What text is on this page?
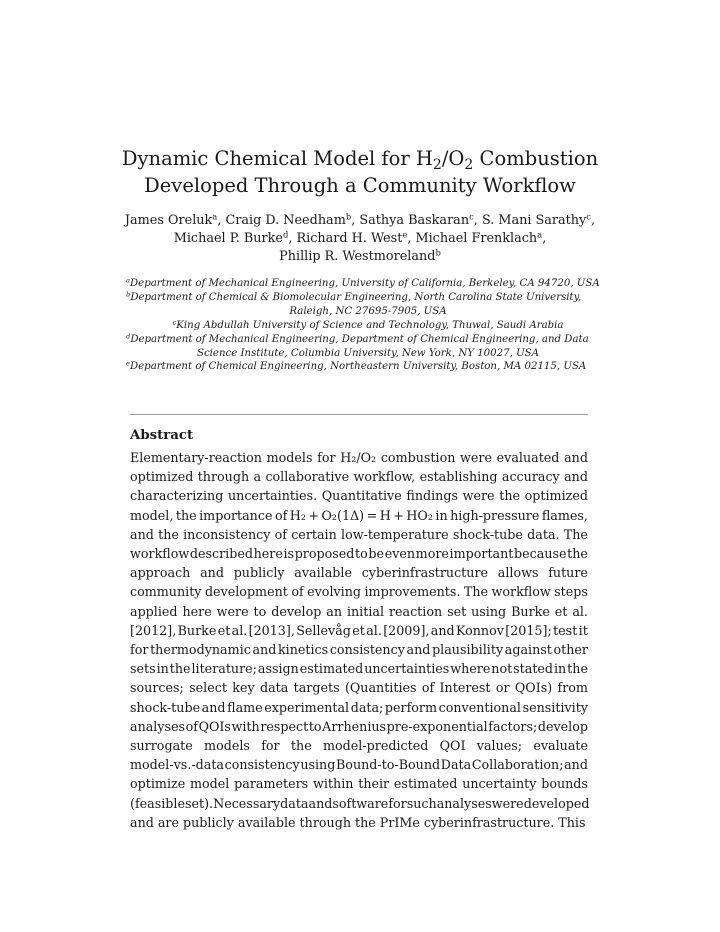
Dynamic Chemical Model for $H_2/O_2$ Combustion
Developed Through a Community Workflow
James Oreluk$^a$, Craig D. Needham$^b$, Sathya Baskaran$^c$, S. Mani Sarathy$^c$,
Michael P. Burke$^d$, Richard H. West$^e$, Michael Frenklach$^a$,
Phillip R. Westmoreland$^b$
$^a$Department of Mechanical Engineering, University of California, Berkeley, CA 94720, USA
$^b$Department of Chemical & Biomolecular Engineering, North Carolina State University,
Raleigh, NC 27695-7905, USA
$^c$King Abdullah University of Science and Technology, Thuwal, Saudi Arabia
$^d$Department of Mechanical Engineering, Department of Chemical Engineering, and Data
Science Institute, Columbia University, New York, NY 10027, USA
$^e$Department of Chemical Engineering, Northeastern University, Boston, MA 02115, USA
Abstract
Elementary-reaction models for H₂/O₂ combustion were evaluated and
optimized through a collaborative workflow, establishing accuracy and
characterizing uncertainties. Quantitative findings were the optimized
model, the importance of H₂ + O₂(1Δ) = H + HO₂ in high-pressure flames,
and the inconsistency of certain low-temperature shock-tube data. The
workflow described here is proposed to be even more important because the
approach and publicly available cyberinfrastructure allows future
community development of evolving improvements. The workflow steps
applied here were to develop an initial reaction set using Burke et al.
[2012], Burke et al. [2013], Sellevåg et al. [2009], and Konnov [2015]; test it
for thermodynamic and kinetics consistency and plausibility against other
sets in the literature; assign estimated uncertainties where not stated in the
sources; select key data targets (Quantities of Interest or QOIs) from
shock-tube and flame experimental data; perform conventional sensitivity
analyses of QOIs with respect to Arrhenius pre-exponential factors; develop
surrogate models for the model-predicted QOI values; evaluate
model-vs.-data consistency using Bound-to-Bound Data Collaboration; and
optimize model parameters within their estimated uncertainty bounds
(feasible set). Necessary data and software for such analyses were developed
and are publicly available through the PrIMe cyberinfrastructure. This
